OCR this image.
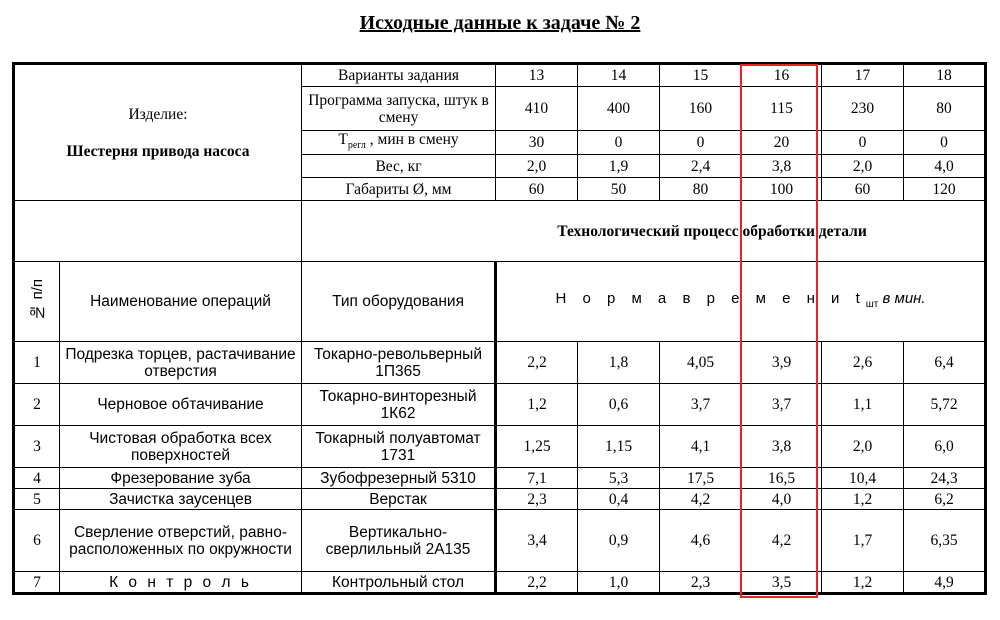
Исходные данные к задаче № 2
Изделие:
Шестерня привода насоса		Варианты задания	13	14	15	16	17	18
		Программа запуска, штук в смену	410	400	160	115	230	80
		$T_{регл}$ , мин в смену	30	0	0	20	0	0
		Вес, кг	2,0	1,9	2,4	3,8	2,0	4,0
		Габариты Ø, мм	60	50	80	100	60	120
		Технологический процесс обработки детали						
№ п/п	Наименование операций	Тип оборудования	Н о р м а в р е м е н и $t_{шт}$ в мин.					
1	Подрезка торцев, растачивание отверстия	Токарно-револьверный 1П365	2,2	1,8	4,05	3,9	2,6	6,4
2	Черновое обтачивание	Токарно-винторезный 1К62	1,2	0,6	3,7	3,7	1,1	5,72
3	Чистовая обработка всех поверхностей	Токарный полуавтомат 1731	1,25	1,15	4,1	3,8	2,0	6,0
4	Фрезерование зуба	Зубофрезерный 5310	7,1	5,3	17,5	16,5	10,4	24,3
5	Зачистка заусенцев	Верстак	2,3	0,4	4,2	4,0	1,2	6,2
6	Сверление отверстий, равно-расположенных по окружности	Вертикально-сверлильный 2А135	3,4	0,9	4,6	4,2	1,7	6,35
7	К о н т р о л ь	Контрольный стол	2,2	1,0	2,3	3,5	1,2	4,9
